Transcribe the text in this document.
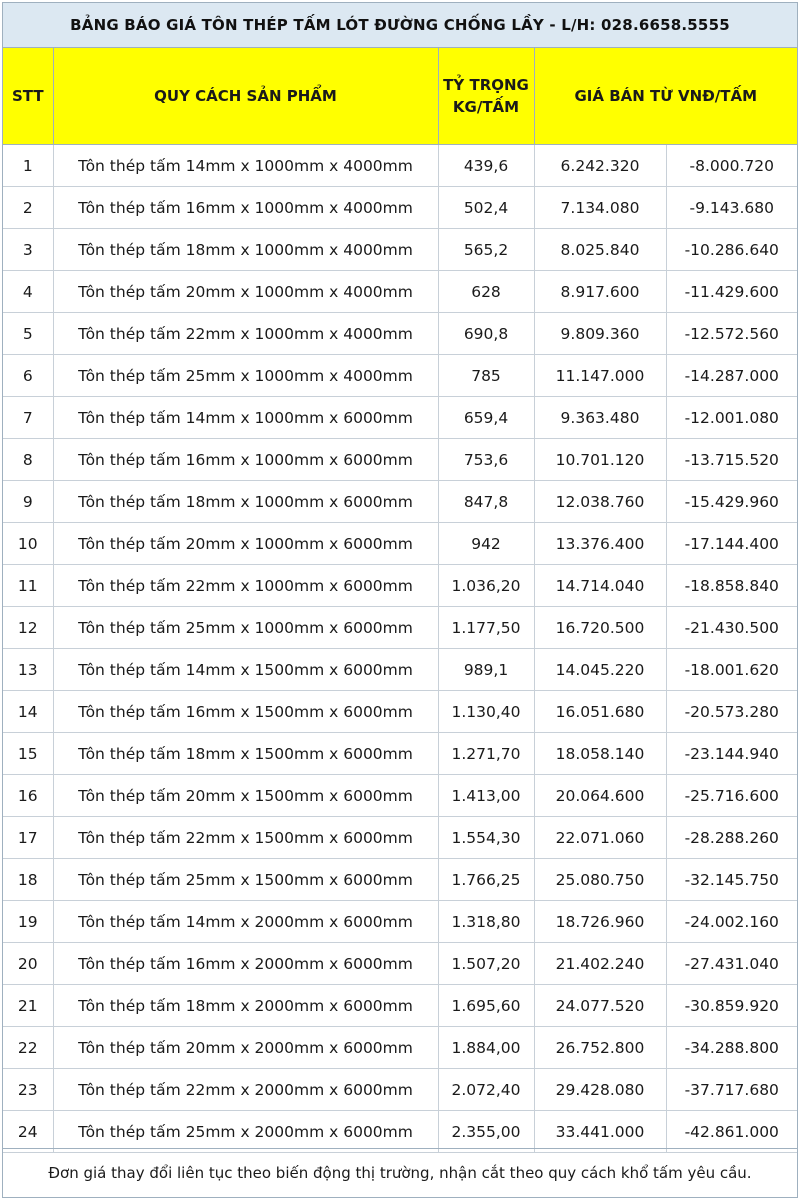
BẢNG BÁO GIÁ TÔN THÉP TẤM LÓT ĐƯỜNG CHỐNG LẦY - L/H: 028.6658.5555
STT	QUY CÁCH SẢN PHẨM	TỶ TRỌNG KG/TẤM	GIÁ BÁN TỪ VNĐ/TẤM	

1	Tôn thép tấm 14mm x 1000mm x 4000mm	439,6	6.242.320	-8.000.720
2	Tôn thép tấm 16mm x 1000mm x 4000mm	502,4	7.134.080	-9.143.680
3	Tôn thép tấm 18mm x 1000mm x 4000mm	565,2	8.025.840	-10.286.640
4	Tôn thép tấm 20mm x 1000mm x 4000mm	628	8.917.600	-11.429.600
5	Tôn thép tấm 22mm x 1000mm x 4000mm	690,8	9.809.360	-12.572.560
6	Tôn thép tấm 25mm x 1000mm x 4000mm	785	11.147.000	-14.287.000
7	Tôn thép tấm 14mm x 1000mm x 6000mm	659,4	9.363.480	-12.001.080
8	Tôn thép tấm 16mm x 1000mm x 6000mm	753,6	10.701.120	-13.715.520
9	Tôn thép tấm 18mm x 1000mm x 6000mm	847,8	12.038.760	-15.429.960
10	Tôn thép tấm 20mm x 1000mm x 6000mm	942	13.376.400	-17.144.400
11	Tôn thép tấm 22mm x 1000mm x 6000mm	1.036,20	14.714.040	-18.858.840
12	Tôn thép tấm 25mm x 1000mm x 6000mm	1.177,50	16.720.500	-21.430.500
13	Tôn thép tấm 14mm x 1500mm x 6000mm	989,1	14.045.220	-18.001.620
14	Tôn thép tấm 16mm x 1500mm x 6000mm	1.130,40	16.051.680	-20.573.280
15	Tôn thép tấm 18mm x 1500mm x 6000mm	1.271,70	18.058.140	-23.144.940
16	Tôn thép tấm 20mm x 1500mm x 6000mm	1.413,00	20.064.600	-25.716.600
17	Tôn thép tấm 22mm x 1500mm x 6000mm	1.554,30	22.071.060	-28.288.260
18	Tôn thép tấm 25mm x 1500mm x 6000mm	1.766,25	25.080.750	-32.145.750
19	Tôn thép tấm 14mm x 2000mm x 6000mm	1.318,80	18.726.960	-24.002.160
20	Tôn thép tấm 16mm x 2000mm x 6000mm	1.507,20	21.402.240	-27.431.040
21	Tôn thép tấm 18mm x 2000mm x 6000mm	1.695,60	24.077.520	-30.859.920
22	Tôn thép tấm 20mm x 2000mm x 6000mm	1.884,00	26.752.800	-34.288.800
23	Tôn thép tấm 22mm x 2000mm x 6000mm	2.072,40	29.428.080	-37.717.680
24	Tôn thép tấm 25mm x 2000mm x 6000mm	2.355,00	33.441.000	-42.861.000
Đơn giá thay đổi liên tục theo biến động thị trường, nhận cắt theo quy cách khổ tấm yêu cầu.
